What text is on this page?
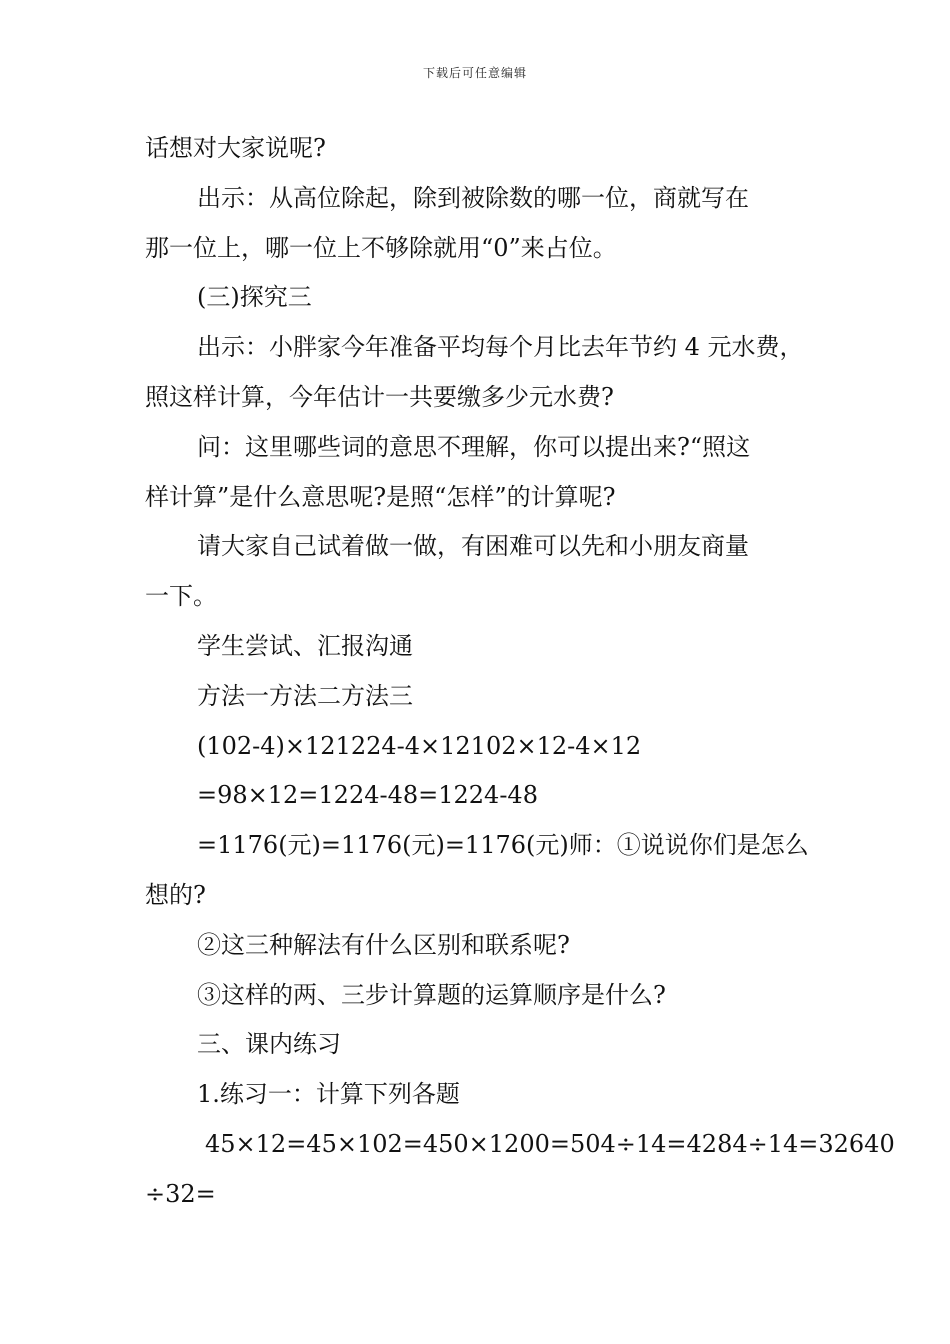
下载后可任意编辑
话想对大家说呢?
出示：从高位除起，除到被除数的哪一位，商就写在
那一位上，哪一位上不够除就用“0”来占位。
(三)探究三
出示：小胖家今年准备平均每个月比去年节约 4 元水费，
照这样计算，今年估计一共要缴多少元水费?
问：这里哪些词的意思不理解，你可以提出来?“照这
样计算”是什么意思呢?是照“怎样”的计算呢?
请大家自己试着做一做，有困难可以先和小朋友商量
一下。
学生尝试、汇报沟通
方法一方法二方法三
(102-4)×121224-4×12102×12-4×12
=98×12=1224-48=1224-48
=1176(元)=1176(元)=1176(元)师：①说说你们是怎么
想的?
②这三种解法有什么区别和联系呢?
③这样的两、三步计算题的运算顺序是什么?
三、课内练习
1.练习一：计算下列各题
45×12=45×102=450×1200=504÷14=4284÷14=32640
÷32=
